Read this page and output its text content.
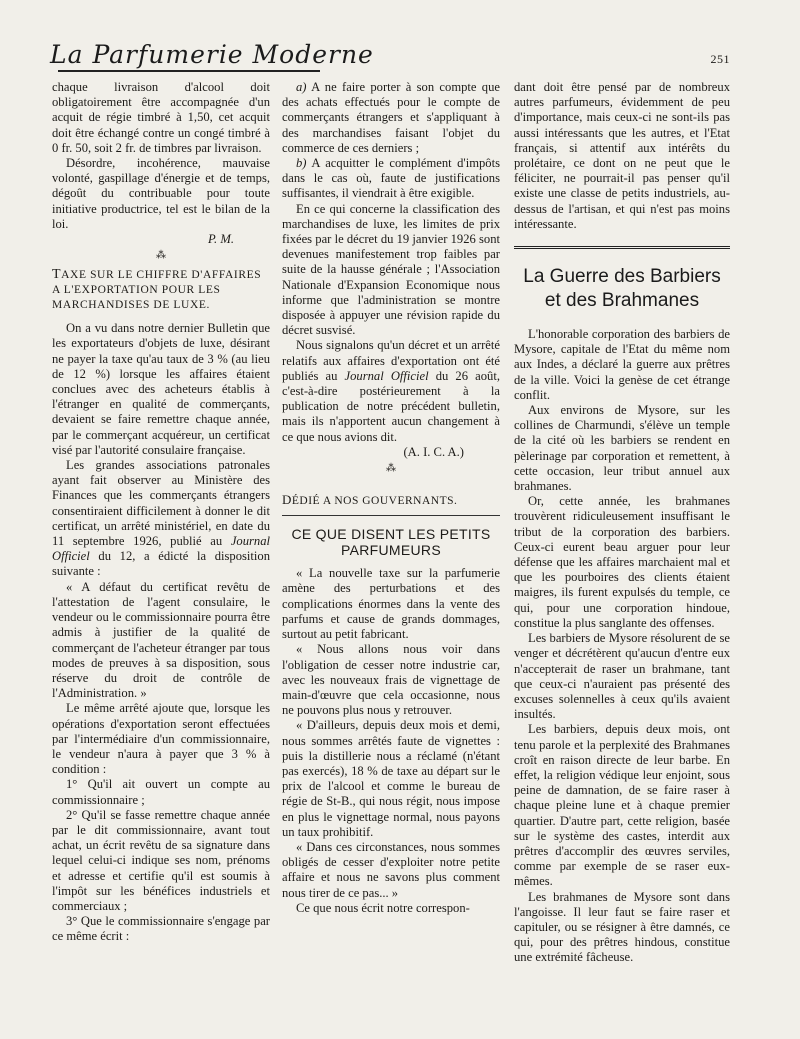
La Parfumerie Moderne	251

chaque livraison d'alcool doit obligatoirement être accompagnée d'un acquit de régie timbré à 1,50, cet acquit doit être échangé contre un congé timbré à 0 fr. 50, soit 2 fr. de timbres par livraison.

Désordre, incohérence, mauvaise volonté, gaspillage d'énergie et de temps, dégoût du contribuable pour toute initiative productrice, tel est le bilan de la loi.

P. M.
⁂
TAXE SUR LE CHIFFRE D'AFFAIRES A L'EXPORTATION POUR LES MARCHANDISES DE LUXE.

On a vu dans notre dernier Bulletin que les exportateurs d'objets de luxe, désirant ne payer la taxe qu'au taux de 3 % (au lieu de 12 %) lorsque les affaires étaient conclues avec des acheteurs établis à l'étranger en qualité de commerçants, devaient se faire remettre chaque année, par le commerçant acquéreur, un certificat visé par l'autorité consulaire française.

Les grandes associations patronales ayant fait observer au Ministère des Finances que les commerçants étrangers consentiraient difficilement à donner le dit certificat, un arrêté ministériel, en date du 11 septembre 1926, publié au Journal Officiel du 12, a édicté la disposition suivante :

« A défaut du certificat revêtu de l'attestation de l'agent consulaire, le vendeur ou le commissionnaire pourra être admis à justifier de la qualité de commerçant de l'acheteur étranger par tous modes de preuves à sa disposition, sous réserve du droit de contrôle de l'Administration. »

Le même arrêté ajoute que, lorsque les opérations d'exportation seront effectuées par l'intermédiaire d'un commissionnaire, le vendeur n'aura à payer que 3 % à condition :

1° Qu'il ait ouvert un compte au commissionnaire ;

2° Qu'il se fasse remettre chaque année par le dit commissionnaire, avant tout achat, un écrit revêtu de sa signature dans lequel celui-ci indique ses nom, prénoms et adresse et certifie qu'il est soumis à l'impôt sur les bénéfices industriels et commerciaux ;

3° Que le commissionnaire s'engage par ce même écrit :

a) A ne faire porter à son compte que des achats effectués pour le compte de commerçants étrangers et s'appliquant à des marchandises faisant l'objet du commerce de ces derniers ;

b) A acquitter le complément d'impôts dans le cas où, faute de justifications suffisantes, il viendrait à être exigible.

En ce qui concerne la classification des marchandises de luxe, les limites de prix fixées par le décret du 19 janvier 1926 sont devenues manifestement trop faibles par suite de la hausse générale ; l'Association Nationale d'Expansion Economique nous informe que l'administration se montre disposée à appuyer une révision rapide du décret susvisé.

Nous signalons qu'un décret et un arrêté relatifs aux affaires d'exportation ont été publiés au Journal Officiel du 26 août, c'est-à-dire postérieurement à la publication de notre précédent bulletin, mais ils n'apportent aucun changement à ce que nous avions dit.

(A. I. C. A.)
⁂
DÉDIÉ A NOS GOUVERNANTS.
CE QUE DISENT LES PETITS PARFUMEURS

« La nouvelle taxe sur la parfumerie amène des perturbations et des complications énormes dans la vente des parfums et cause de grands dommages, surtout au petit fabricant.

« Nous allons nous voir dans l'obligation de cesser notre industrie car, avec les nouveaux frais de vignettage de main-d'œuvre que cela occasionne, nous ne pouvons plus nous y retrouver.

« D'ailleurs, depuis deux mois et demi, nous sommes arrêtés faute de vignettes : puis la distillerie nous a réclamé (n'étant pas exercés), 18 % de taxe au départ sur le prix de l'alcool et comme le bureau de régie de St-B., qui nous régit, nous impose en plus le vignettage normal, nous payons un taux prohibitif.

« Dans ces circonstances, nous sommes obligés de cesser d'exploiter notre petite affaire et nous ne savons plus comment nous tirer de ce pas... »

Ce que nous écrit notre correspon-

dant doit être pensé par de nombreux autres parfumeurs, évidemment de peu d'importance, mais ceux-ci ne sont-ils pas aussi intéressants que les autres, et l'Etat français, si attentif aux intérêts du prolétaire, ce dont on ne peut que le féliciter, ne pourrait-il pas penser qu'il existe une classe de petits industriels, au-dessus de l'artisan, et qui n'est pas moins intéressante.

La Guerre des Barbiers et des Brahmanes

L'honorable corporation des barbiers de Mysore, capitale de l'Etat du même nom aux Indes, a déclaré la guerre aux prêtres de la ville. Voici la genèse de cet étrange conflit.

Aux environs de Mysore, sur les collines de Charmundi, s'élève un temple de la cité où les barbiers se rendent en pèlerinage par corporation et remettent, à cette occasion, leur tribut annuel aux brahmanes.

Or, cette année, les brahmanes trouvèrent ridiculeusement insuffisant le tribut de la corporation des barbiers. Ceux-ci eurent beau arguer pour leur défense que les affaires marchaient mal et que les pourboires des clients étaient maigres, ils furent expulsés du temple, ce qui, pour une corporation hindoue, constitue la plus sanglante des offenses.

Les barbiers de Mysore résolurent de se venger et décrétèrent qu'aucun d'entre eux n'accepterait de raser un brahmane, tant que ceux-ci n'auraient pas présenté des excuses solennelles à ceux qu'ils avaient insultés.

Les barbiers, depuis deux mois, ont tenu parole et la perplexité des Brahmanes croît en raison directe de leur barbe. En effet, la religion védique leur enjoint, sous peine de damnation, de se faire raser à chaque pleine lune et à chaque premier quartier. D'autre part, cette religion, basée sur le système des castes, interdit aux prêtres d'accomplir des œuvres serviles, comme par exemple de se raser eux-mêmes.

Les brahmanes de Mysore sont dans l'angoisse. Il leur faut se faire raser et capituler, ou se résigner à être damnés, ce qui, pour des prêtres hindous, constitue une extrémité fâcheuse.
